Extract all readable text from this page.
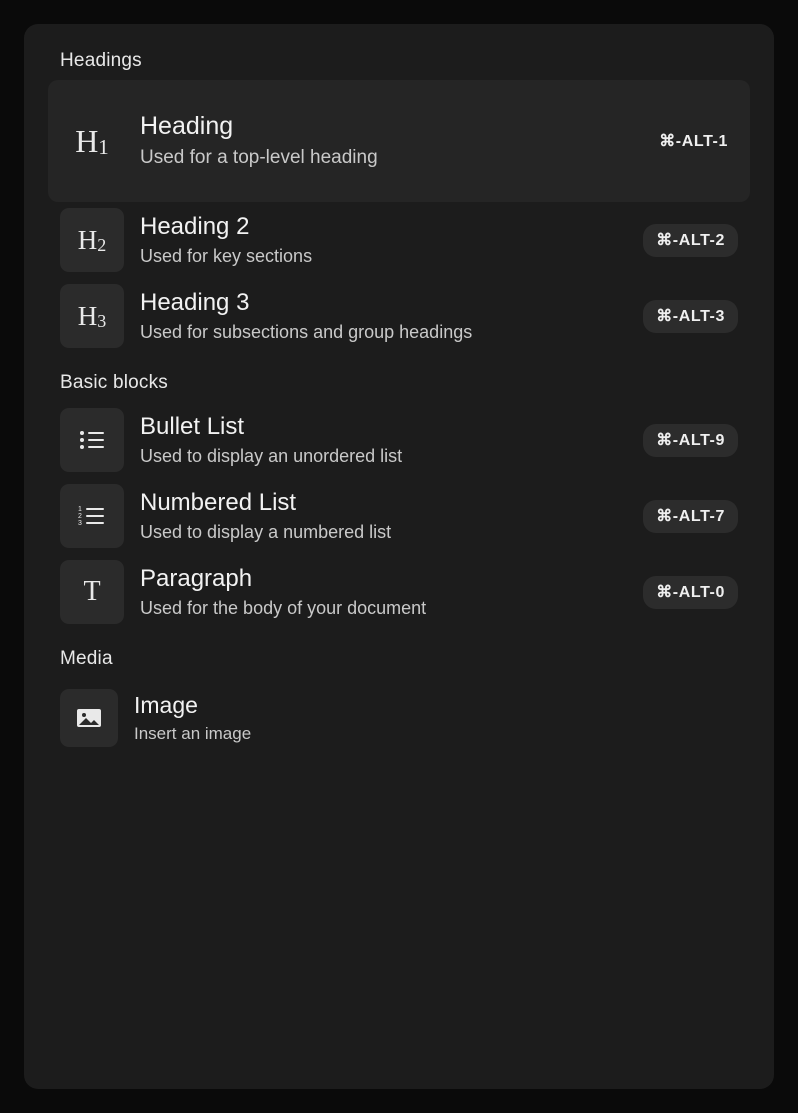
Headings
$H_1$
Heading
Used for a top-level heading
⌘-ALT-1
$H_2$
Heading 2
Used for key sections
⌘-ALT-2
$H_3$
Heading 3
Used for subsections and group headings
⌘-ALT-3
Basic blocks
Bullet List
Used to display an unordered list
⌘-ALT-9
1
2
3
Numbered List
Used to display a numbered list
⌘-ALT-7
T Paragraph
Used for the body of your document
⌘-ALT-0
Media
Image
Insert an image
